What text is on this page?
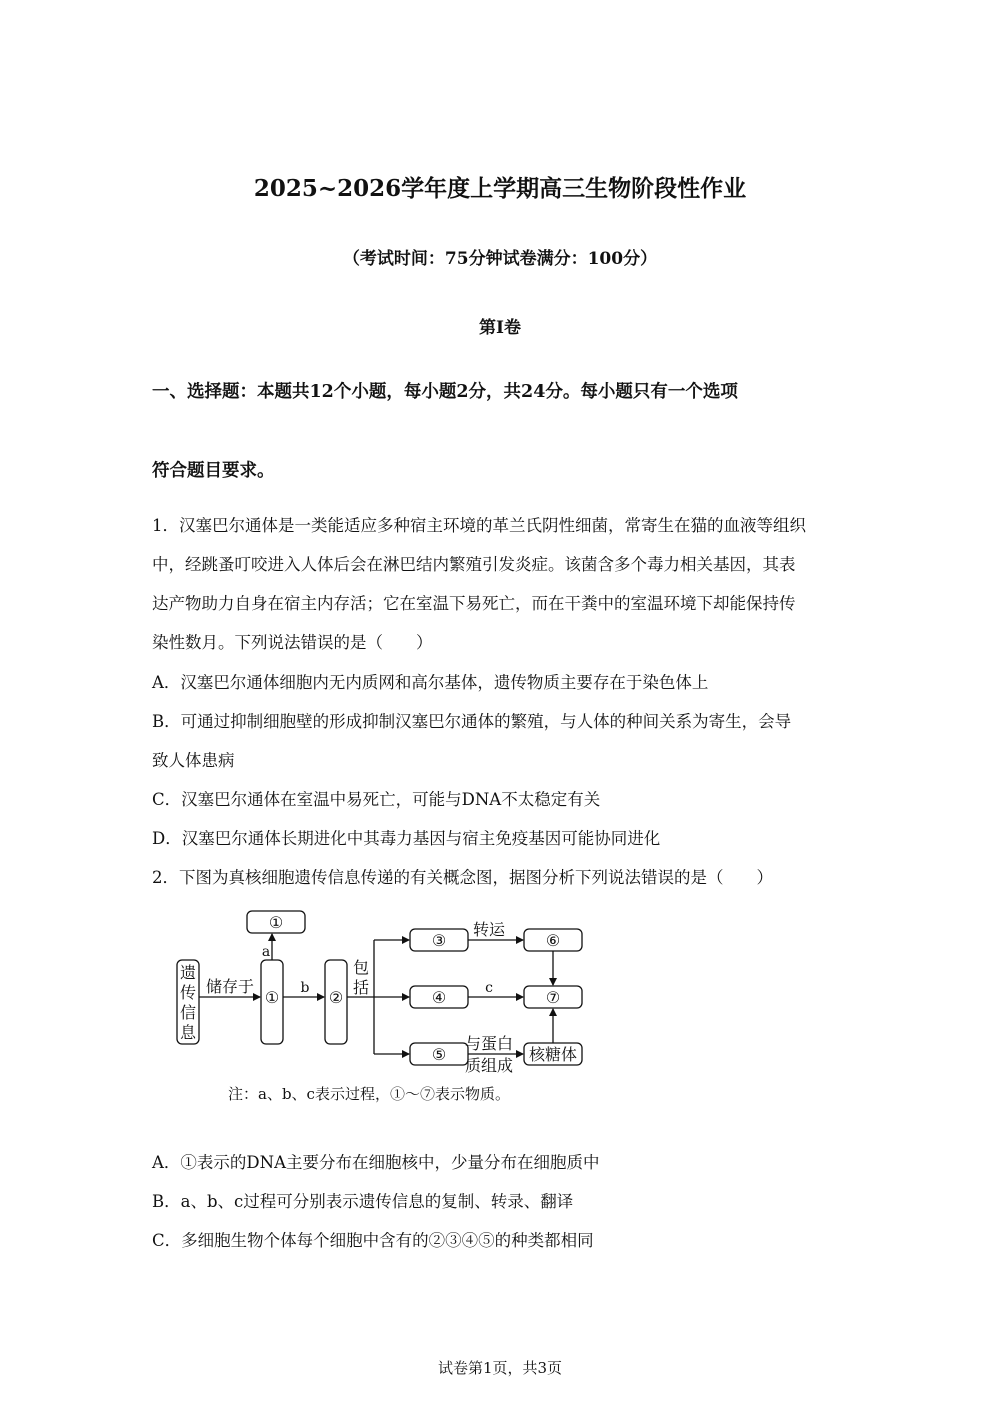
2025~2026学年度上学期高三生物阶段性作业
（考试时间：75分钟试卷满分：100分）
第I卷
一、选择题：本题共12个小题，每小题2分，共24分。每小题只有一个选项
符合题目要求。
1．汉塞巴尔通体是一类能适应多种宿主环境的革兰氏阴性细菌，常寄生在猫的血液等组织
中，经跳蚤叮咬进入人体后会在淋巴结内繁殖引发炎症。该菌含多个毒力相关基因，其表
达产物助力自身在宿主内存活；它在室温下易死亡，而在干粪中的室温环境下却能保持传
染性数月。下列说法错误的是（　　）
A．汉塞巴尔通体细胞内无内质网和高尔基体，遗传物质主要存在于染色体上
B．可通过抑制细胞壁的形成抑制汉塞巴尔通体的繁殖，与人体的种间关系为寄生，会导
致人体患病
C．汉塞巴尔通体在室温中易死亡，可能与DNA不太稳定有关
D．汉塞巴尔通体长期进化中其毒力基因与宿主免疫基因可能协同进化
2．下图为真核细胞遗传信息传递的有关概念图，据图分析下列说法错误的是（　　）
遗
传
信
息
储存于
a
①
① b ②
包
括
③
④
⑤
⑥
⑦
核糖体
转运
c
与蛋白
质组成
注：a、b、c表示过程，①～⑦表示物质。
A．①表示的DNA主要分布在细胞核中，少量分布在细胞质中
B．a、b、c过程可分别表示遗传信息的复制、转录、翻译
C．多细胞生物个体每个细胞中含有的②③④⑤的种类都相同
试卷第1页，共3页
